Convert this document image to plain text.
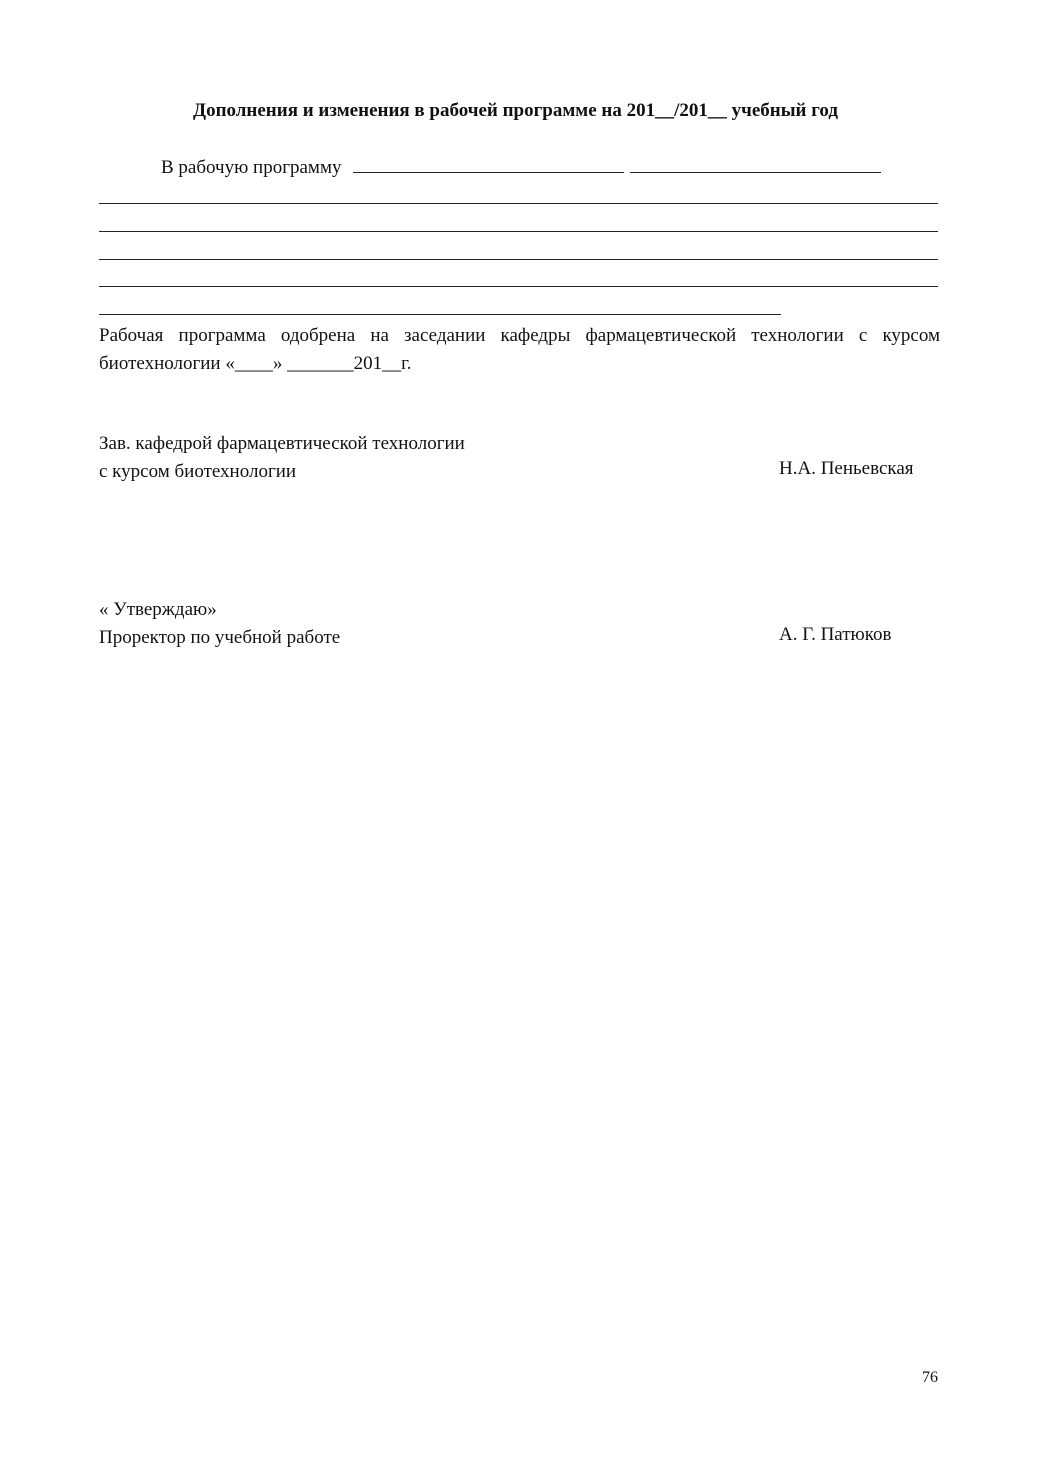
Дополнения и изменения в рабочей программе на 201__/201__ учебный год
В рабочую программу
Рабочая программа одобрена на заседании кафедры фармацевтической технологии с курсом
биотехнологии «____» _______201__г.
Зав. кафедрой фармацевтической технологии
с курсом биотехнологии	Н.А. Пеньевская
« Утверждаю»
Проректор по учебной работе	А. Г. Патюков
76
